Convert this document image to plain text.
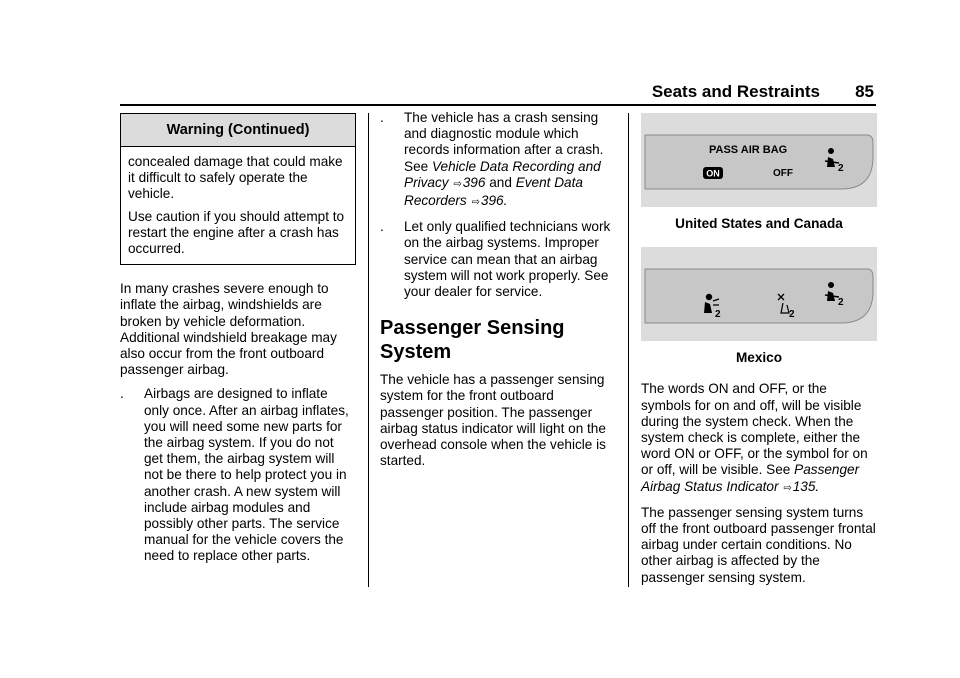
Seats and Restraints 85
Warning (Continued)

concealed damage that could make it difficult to safely operate the vehicle.

Use caution if you should attempt to restart the engine after a crash has occurred.

In many crashes severe enough to inflate the airbag, windshields are broken by vehicle deformation. Additional windshield breakage may also occur from the front outboard passenger airbag.

. Airbags are designed to inflate only once. After an airbag inflates, you will need some new parts for the airbag system. If you do not get them, the airbag system will not be there to help protect you in another crash. A new system will include airbag modules and possibly other parts. The service manual for the vehicle covers the need to replace other parts.
. The vehicle has a crash sensing and diagnostic module which records information after a crash.
See Vehicle Data Recording and Privacy ⇨396 and Event Data Recorders ⇨396.
. Let only qualified technicians work on the airbag systems. Improper service can mean that an airbag system will not work properly. See your dealer for service.
Passenger Sensing System

The vehicle has a passenger sensing system for the front outboard passenger position. The passenger airbag status indicator will light on the overhead console when the vehicle is started.

PASS AIR BAG
ON	OFF	2
United States and Canada
2	2
2
Mexico

The words ON and OFF, or the symbols for on and off, will be visible during the system check. When the system check is complete, either the word ON or OFF, or the symbol for on or off, will be visible. See Passenger Airbag Status Indicator ⇨135.

The passenger sensing system turns off the front outboard passenger frontal airbag under certain conditions. No other airbag is affected by the passenger sensing system.
